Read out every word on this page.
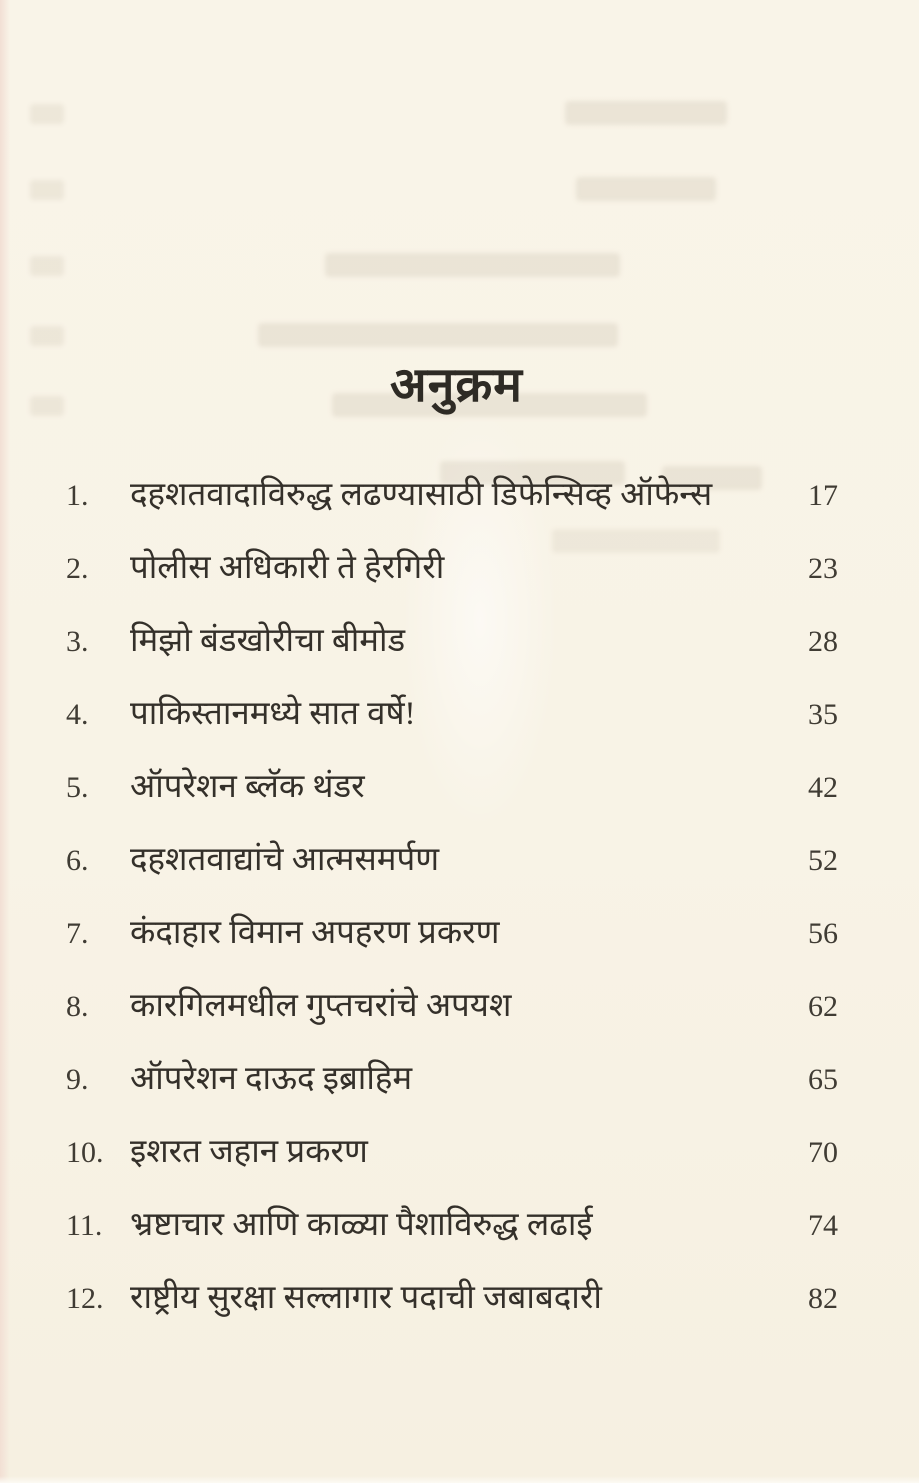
अनुक्रम
1.	दहशतवादाविरुद्ध लढण्यासाठी डिफेन्सिव्ह ऑफेन्स	17
2.	पोलीस अधिकारी ते हेरगिरी	23
3.	मिझो बंडखोरीचा बीमोड	28
4.	पाकिस्तानमध्ये सात वर्षे!	35
5.	ऑपरेशन ब्लॅक थंडर	42
6.	दहशतवाद्यांचे आत्मसमर्पण	52
7.	कंदाहार विमान अपहरण प्रकरण	56
8.	कारगिलमधील गुप्तचरांचे अपयश	62
9.	ऑपरेशन दाऊद इब्राहिम	65
10. इशरत जहान प्रकरण	70
11. भ्रष्टाचार आणि काळ्या पैशाविरुद्ध लढाई	74
12. राष्ट्रीय सुरक्षा सल्लागार पदाची जबाबदारी	82
